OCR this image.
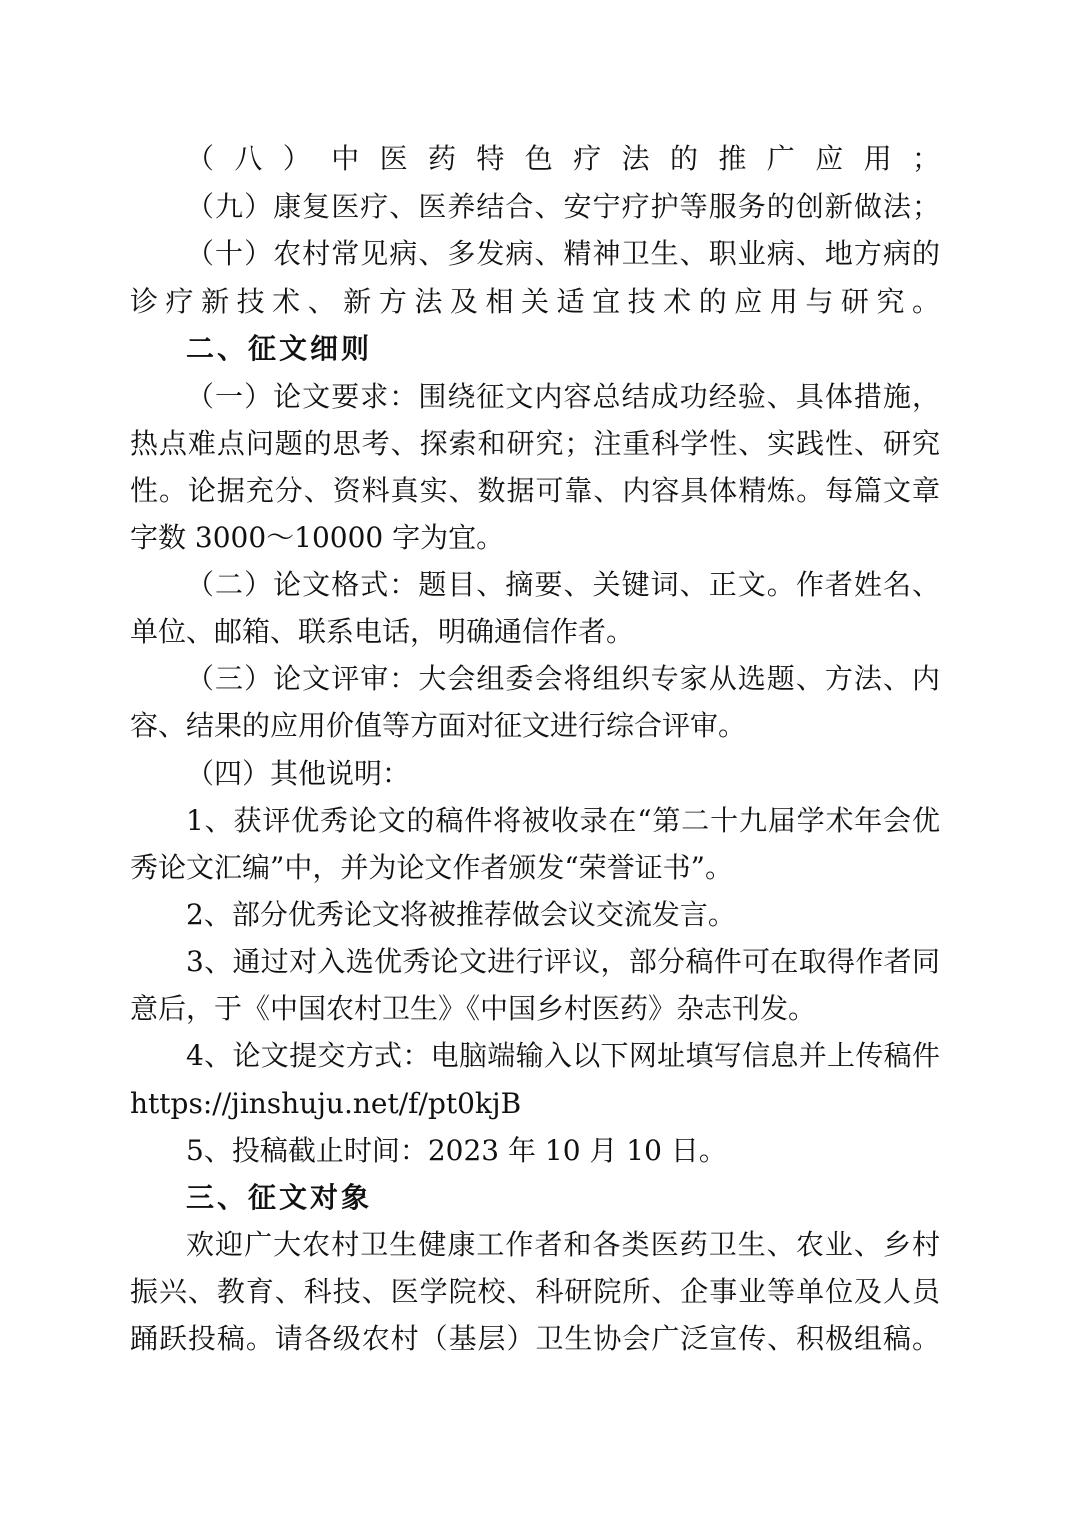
（八）中医药特色疗法的推广应用；
（九）康复医疗、医养结合、安宁疗护等服务的创新做法；
（十）农村常见病、多发病、精神卫生、职业病、地方病的
诊疗新技术、新方法及相关适宜技术的应用与研究。
二、征文细则
（一）论文要求：围绕征文内容总结成功经验、具体措施，
热点难点问题的思考、探索和研究；注重科学性、实践性、研究
性。论据充分、资料真实、数据可靠、内容具体精炼。每篇文章
字数 3000～10000 字为宜。
（二）论文格式：题目、摘要、关键词、正文。作者姓名、
单位、邮箱、联系电话，明确通信作者。
（三）论文评审：大会组委会将组织专家从选题、方法、内
容、结果的应用价值等方面对征文进行综合评审。
（四）其他说明：
1、获评优秀论文的稿件将被收录在“第二十九届学术年会优
秀论文汇编”中，并为论文作者颁发“荣誉证书”。
2、部分优秀论文将被推荐做会议交流发言。
3、通过对入选优秀论文进行评议，部分稿件可在取得作者同
意后，于《中国农村卫生》《中国乡村医药》杂志刊发。
4、论文提交方式：电脑端输入以下网址填写信息并上传稿件
https://jinshuju.net/f/pt0kjB
5、投稿截止时间：2023 年 10 月 10 日。
三、征文对象
欢迎广大农村卫生健康工作者和各类医药卫生、农业、乡村
振兴、教育、科技、医学院校、科研院所、企事业等单位及人员
踊跃投稿。请各级农村（基层）卫生协会广泛宣传、积极组稿。
